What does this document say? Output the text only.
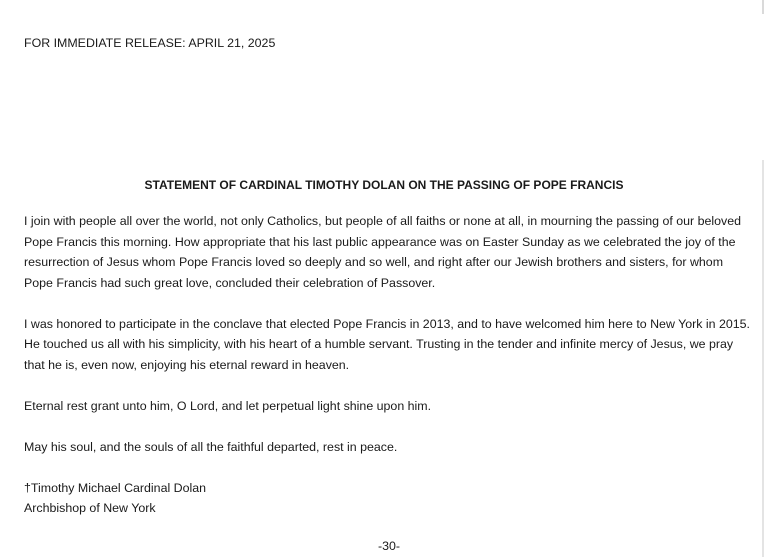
FOR IMMEDIATE RELEASE: APRIL 21, 2025
STATEMENT OF CARDINAL TIMOTHY DOLAN ON THE PASSING OF POPE FRANCIS

I join with people all over the world, not only Catholics, but people of all faiths or none at all, in mourning the passing of our beloved Pope Francis this morning. How appropriate that his last public appearance was on Easter Sunday as we celebrated the joy of the resurrection of Jesus whom Pope Francis loved so deeply and so well, and right after our Jewish brothers and sisters, for whom Pope Francis had such great love, concluded their celebration of Passover.

I was honored to participate in the conclave that elected Pope Francis in 2013, and to have welcomed him here to New York in 2015. He touched us all with his simplicity, with his heart of a humble servant. Trusting in the tender and infinite mercy of Jesus, we pray that he is, even now, enjoying his eternal reward in heaven.

Eternal rest grant unto him, O Lord, and let perpetual light shine upon him.

May his soul, and the souls of all the faithful departed, rest in peace.

†Timothy Michael Cardinal Dolan
Archbishop of New York
-30-
